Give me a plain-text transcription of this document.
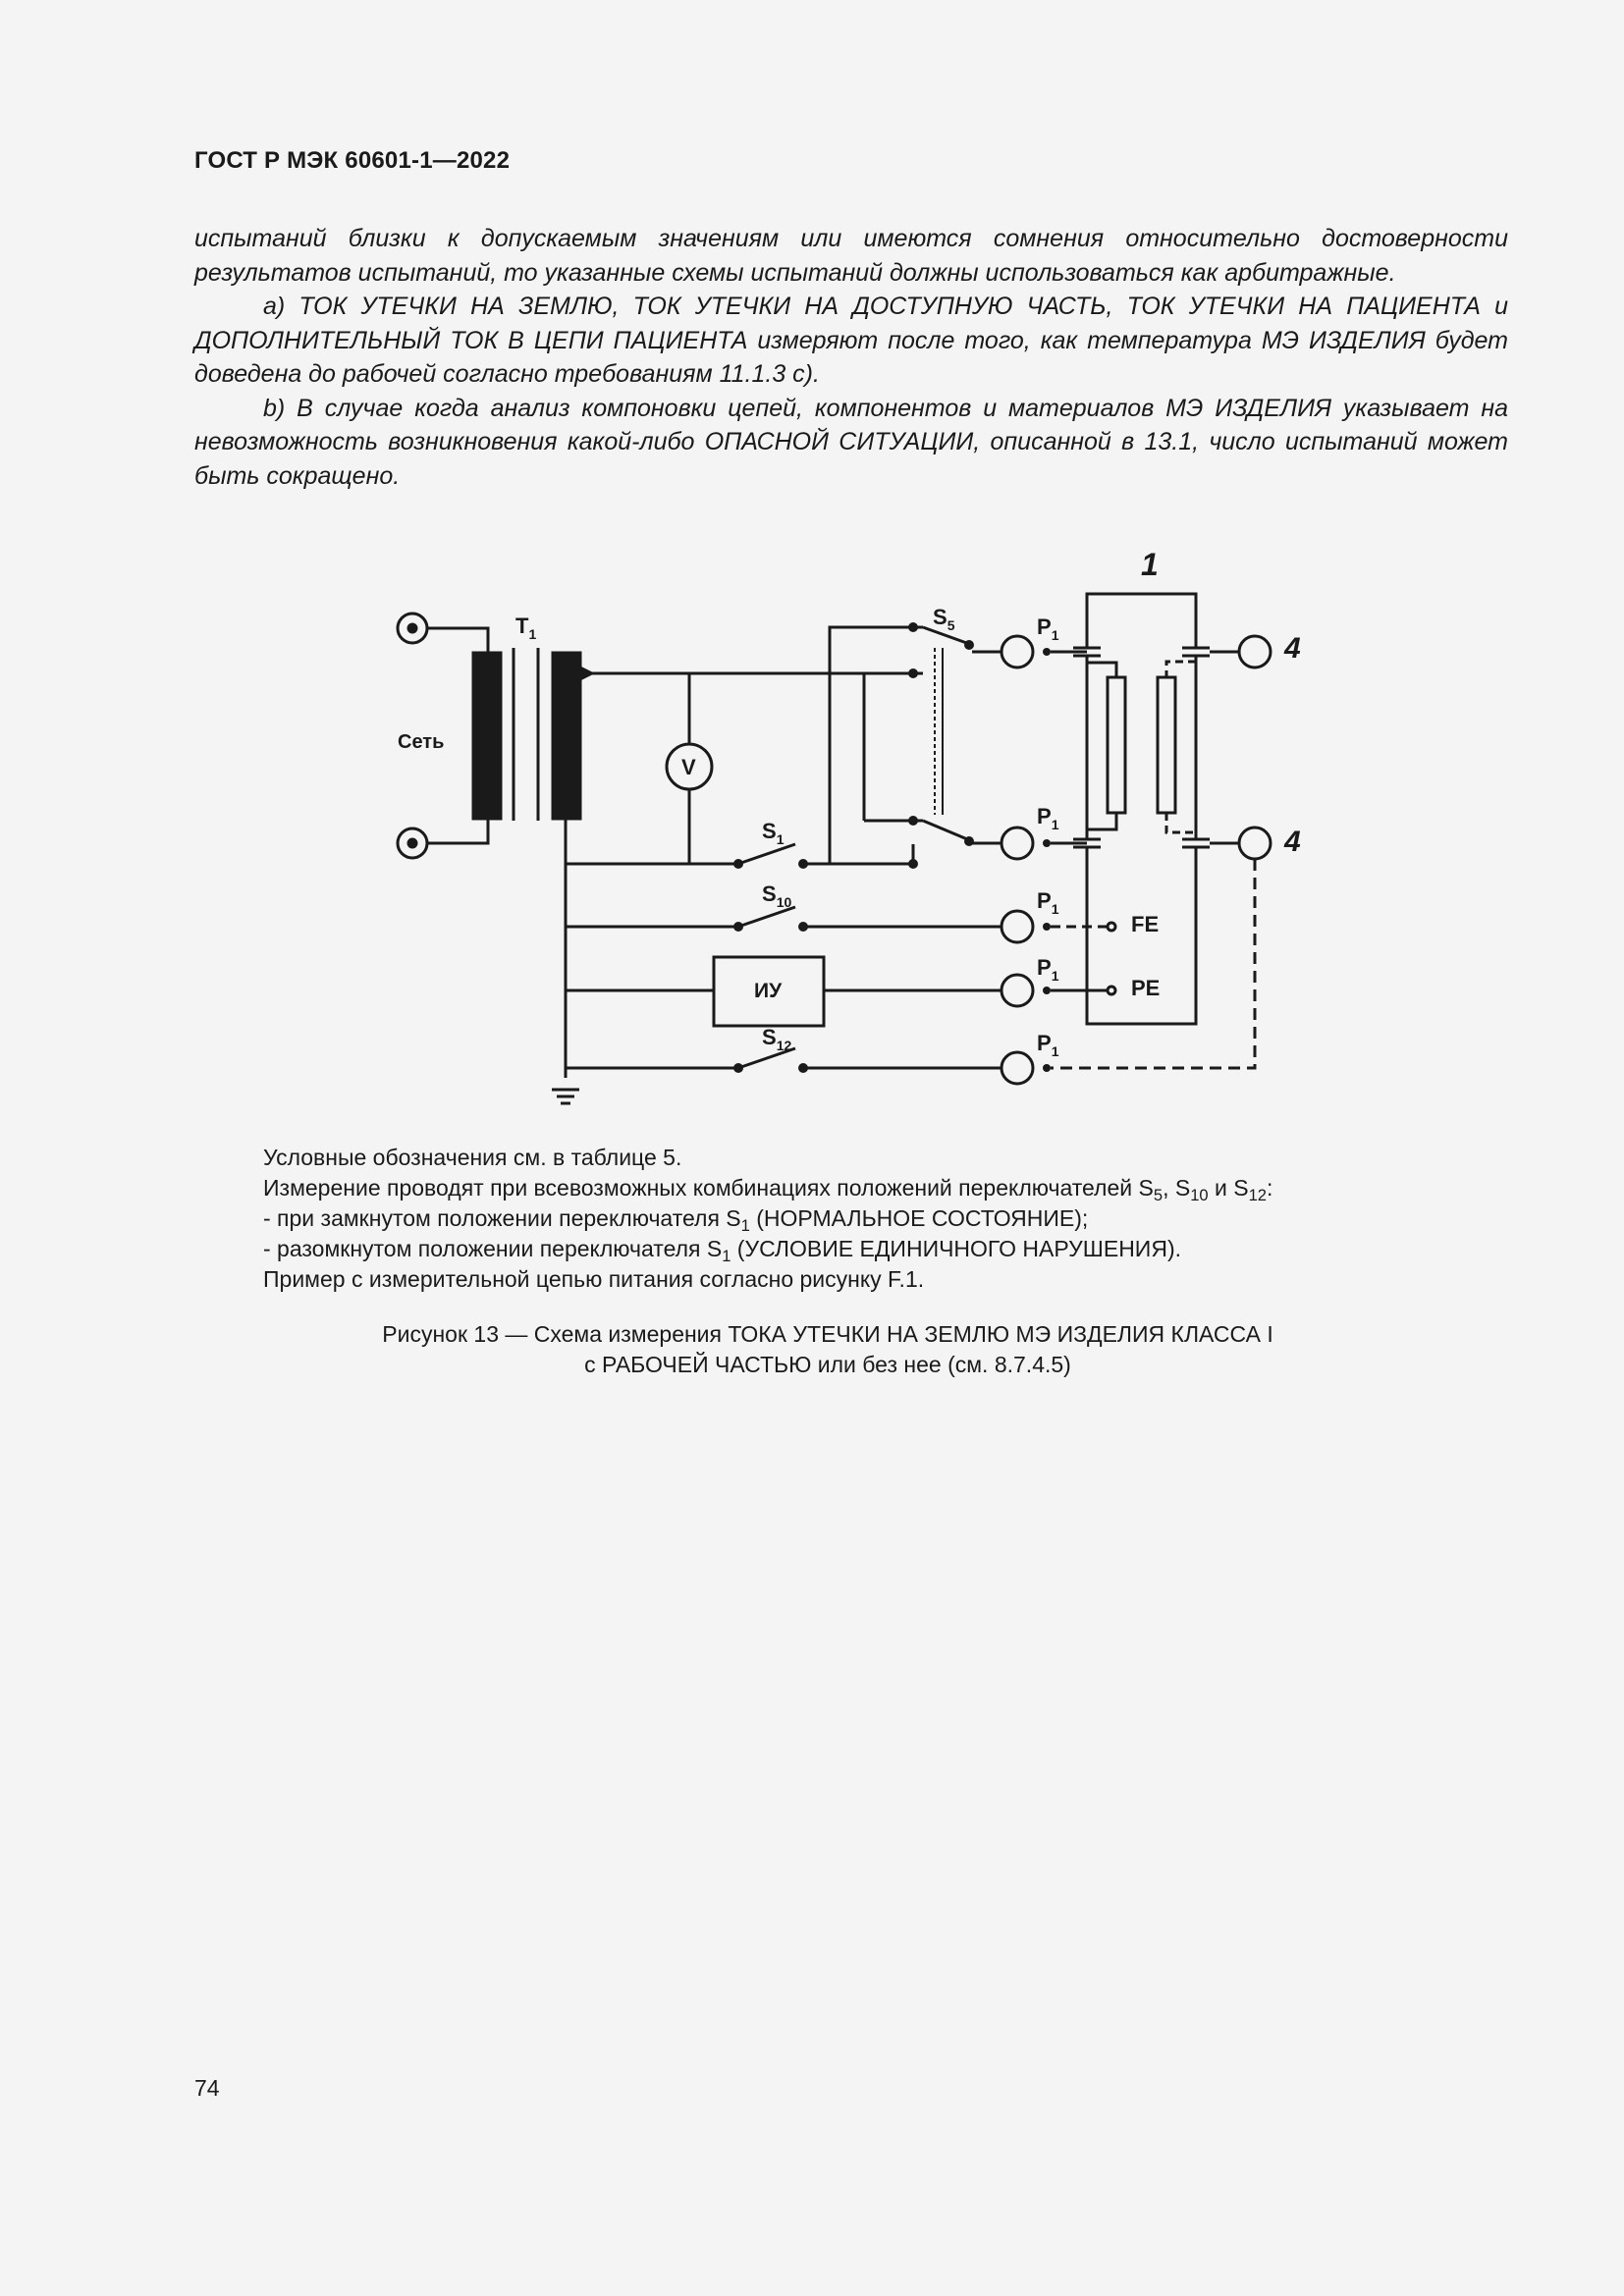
ГОСТ Р МЭК 60601-1—2022

испытаний близки к допускаемым значениям или имеются сомнения относительно достоверности результатов испытаний, то указанные схемы испытаний должны использоваться как арбитражные.

a) ТОК УТЕЧКИ НА ЗЕМЛЮ, ТОК УТЕЧКИ НА ДОСТУПНУЮ ЧАСТЬ, ТОК УТЕЧКИ НА ПАЦИЕНТА и ДОПОЛНИТЕЛЬНЫЙ ТОК В ЦЕПИ ПАЦИЕНТА измеряют после того, как температура МЭ ИЗДЕЛИЯ будет доведена до рабочей согласно требованиям 11.1.3 c).

b) В случае когда анализ компоновки цепей, компонентов и материалов МЭ ИЗДЕЛИЯ указывает на невозможность возникновения какой-либо ОПАСНОЙ СИТУАЦИИ, описанной в 13.1, число испытаний может быть сокращено.

1
4
4
$T_1$
Сеть
V
$S_5$
$S_1$
$S_{10}$
$S_{12}$
$P_1$
$P_1$
$P_1$
$P_1$
$P_1$
FE
PE
ИУ

Условные обозначения см. в таблице 5.

Измерение проводят при всевозможных комбинациях положений переключателей $S_5$, $S_{10}$ и $S_{12}$:

- при замкнутом положении переключателя $S_1$ (НОРМАЛЬНОЕ СОСТОЯНИЕ);

- разомкнутом положении переключателя $S_1$ (УСЛОВИЕ ЕДИНИЧНОГО НАРУШЕНИЯ).

Пример с измерительной цепью питания согласно рисунку F.1.

Рисунок 13 — Схема измерения ТОКА УТЕЧКИ НА ЗЕМЛЮ МЭ ИЗДЕЛИЯ КЛАССА I

с РАБОЧЕЙ ЧАСТЬЮ или без нее (см. 8.7.4.5)

74
